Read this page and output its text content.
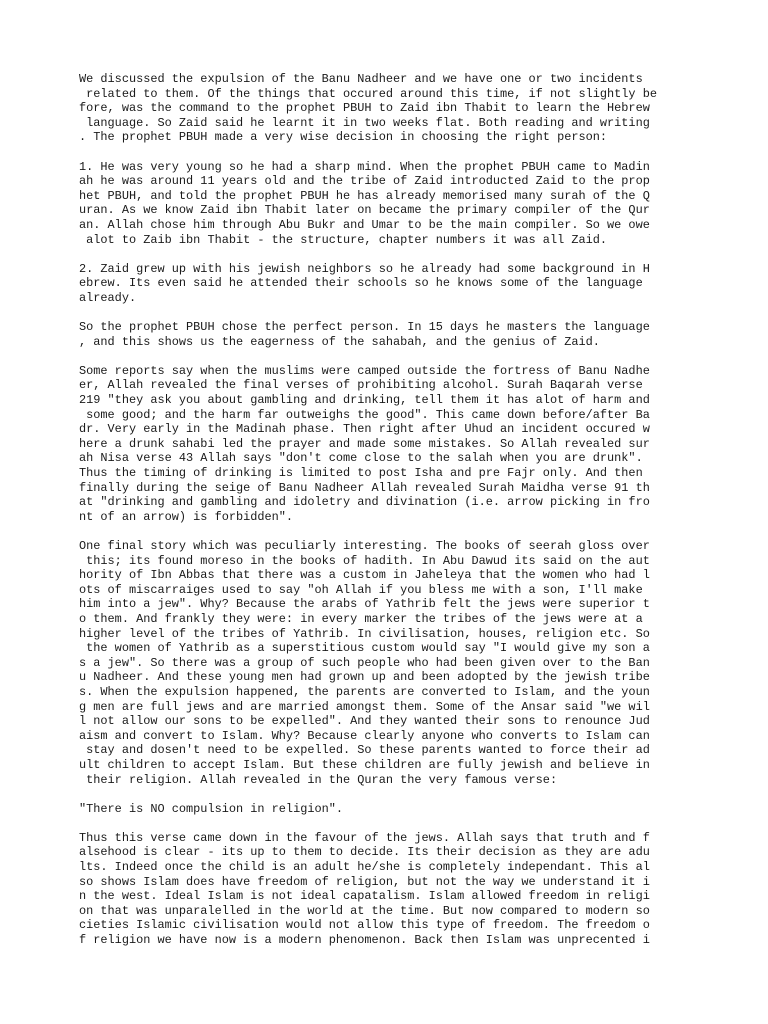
We discussed the expulsion of the Banu Nadheer and we have one or two incidents
related to them. Of the things that occured around this time, if not slightly be
fore, was the command to the prophet PBUH to Zaid ibn Thabit to learn the Hebrew
language. So Zaid said he learnt it in two weeks flat. Both reading and writing
. The prophet PBUH made a very wise decision in choosing the right person:
1. He was very young so he had a sharp mind. When the prophet PBUH came to Madin
ah he was around 11 years old and the tribe of Zaid introducted Zaid to the prop
het PBUH, and told the prophet PBUH he has already memorised many surah of the Q
uran. As we know Zaid ibn Thabit later on became the primary compiler of the Qur
an. Allah chose him through Abu Bukr and Umar to be the main compiler. So we owe
alot to Zaib ibn Thabit - the structure, chapter numbers it was all Zaid.
2. Zaid grew up with his jewish neighbors so he already had some background in H
ebrew. Its even said he attended their schools so he knows some of the language
already.
So the prophet PBUH chose the perfect person. In 15 days he masters the language
, and this shows us the eagerness of the sahabah, and the genius of Zaid.
Some reports say when the muslims were camped outside the fortress of Banu Nadhe
er, Allah revealed the final verses of prohibiting alcohol. Surah Baqarah verse
219 "they ask you about gambling and drinking, tell them it has alot of harm and
some good; and the harm far outweighs the good". This came down before/after Ba
dr. Very early in the Madinah phase. Then right after Uhud an incident occured w
here a drunk sahabi led the prayer and made some mistakes. So Allah revealed sur
ah Nisa verse 43 Allah says "don't come close to the salah when you are drunk".
Thus the timing of drinking is limited to post Isha and pre Fajr only. And then
finally during the seige of Banu Nadheer Allah revealed Surah Maidha verse 91 th
at "drinking and gambling and idoletry and divination (i.e. arrow picking in fro
nt of an arrow) is forbidden".
One final story which was peculiarly interesting. The books of seerah gloss over
this; its found moreso in the books of hadith. In Abu Dawud its said on the aut
hority of Ibn Abbas that there was a custom in Jaheleya that the women who had l
ots of miscarraiges used to say "oh Allah if you bless me with a son, I'll make
him into a jew". Why? Because the arabs of Yathrib felt the jews were superior t
o them. And frankly they were: in every marker the tribes of the jews were at a
higher level of the tribes of Yathrib. In civilisation, houses, religion etc. So
the women of Yathrib as a superstitious custom would say "I would give my son a
s a jew". So there was a group of such people who had been given over to the Ban
u Nadheer. And these young men had grown up and been adopted by the jewish tribe
s. When the expulsion happened, the parents are converted to Islam, and the youn
g men are full jews and are married amongst them. Some of the Ansar said "we wil
l not allow our sons to be expelled". And they wanted their sons to renounce Jud
aism and convert to Islam. Why? Because clearly anyone who converts to Islam can
stay and dosen't need to be expelled. So these parents wanted to force their ad
ult children to accept Islam. But these children are fully jewish and believe in
their religion. Allah revealed in the Quran the very famous verse:
"There is NO compulsion in religion".
Thus this verse came down in the favour of the jews. Allah says that truth and f
alsehood is clear - its up to them to decide. Its their decision as they are adu
lts. Indeed once the child is an adult he/she is completely independant. This al
so shows Islam does have freedom of religion, but not the way we understand it i
n the west. Ideal Islam is not ideal capatalism. Islam allowed freedom in religi
on that was unparalelled in the world at the time. But now compared to modern so
cieties Islamic civilisation would not allow this type of freedom. The freedom o
f religion we have now is a modern phenomenon. Back then Islam was unprecented i
